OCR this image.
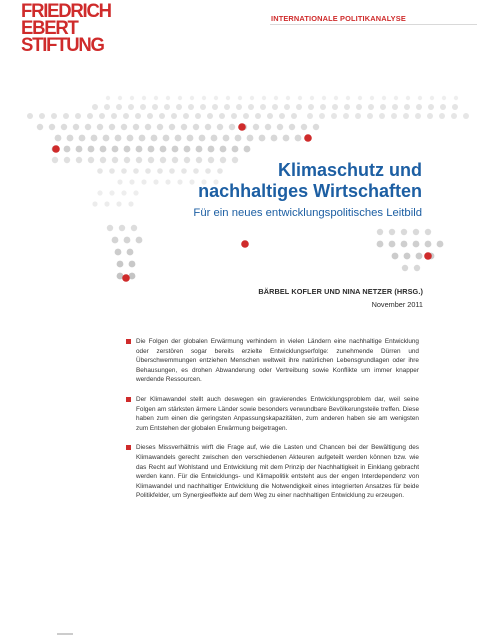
FRIEDRICH
EBERT
STIFTUNG
INTERNATIONALE POLITIKANALYSE
Klimaschutz und
nachhaltiges Wirtschaften
Für ein neues entwicklungspolitisches Leitbild
BÄRBEL KOFLER UND NINA NETZER (HRSG.)
November 2011
Die Folgen der globalen Erwärmung verhindern in vielen Ländern eine nachhaltige Entwicklung oder zerstören sogar bereits erzielte Entwicklungserfolge: zunehmende Dürren und Überschwemmungen entziehen Menschen weltweit ihre natürlichen Lebensgrundlagen oder ihre Behausungen, es drohen Abwanderung oder Vertreibung sowie Konflikte um immer knapper werdende Ressourcen.
Der Klimawandel stellt auch deswegen ein gravierendes Entwicklungsproblem dar, weil seine Folgen am stärksten ärmere Länder sowie besonders verwundbare Bevölkerungsteile treffen. Diese haben zum einen die geringsten Anpassungskapazitäten, zum anderen haben sie am wenigsten zum Entstehen der globalen Erwärmung beigetragen.
Dieses Missverhältnis wirft die Frage auf, wie die Lasten und Chancen bei der Bewältigung des Klimawandels gerecht zwischen den verschiedenen Akteuren aufgeteilt werden können bzw. wie das Recht auf Wohlstand und Entwicklung mit dem Prinzip der Nachhaltigkeit in Einklang gebracht werden kann. Für die Entwicklungs- und Klimapolitik entsteht aus der engen Interdependenz von Klimawandel und nachhaltiger Entwicklung die Notwendigkeit eines integrierten Ansatzes für beide Politikfelder, um Synergieeffekte auf dem Weg zu einer nachhaltigen Entwicklung zu erzeugen.
